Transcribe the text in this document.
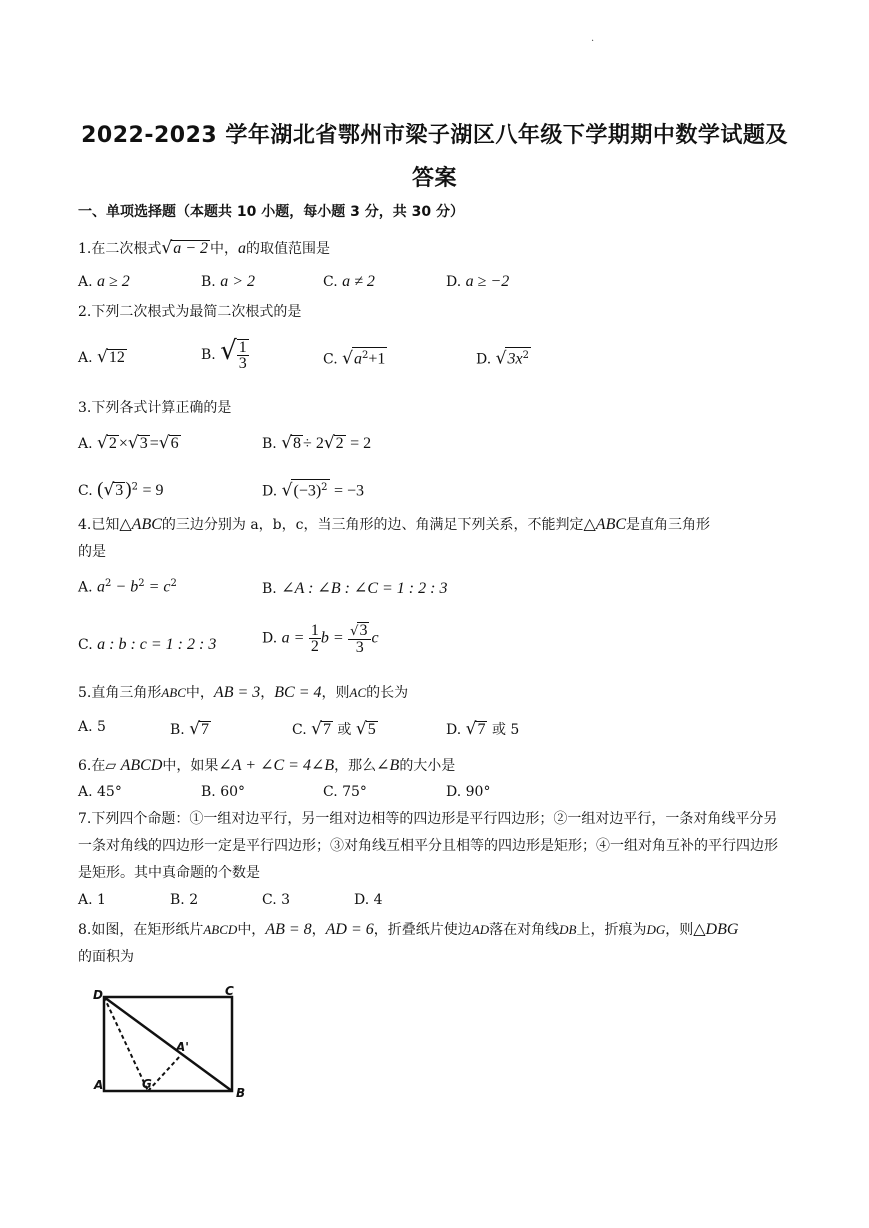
·
2022-2023 学年湖北省鄂州市梁子湖区八年级下学期期中数学试题及
答案
一、单项选择题（本题共 10 小题，每小题 3 分，共 30 分）
1.在二次根式√a − 2 中，a的取值范围是
A. a ≥ 2	B. a > 2	C. a ≠ 2	D. a ≥ −2
2.下列二次根式为最简二次根式的是
A. √12	B. √ $\frac{1}{3}$	C. $√a^2+1$	D. $√3x^2$
3.下列各式计算正确的是
A. √2 ×√3 =√6	B. √8 ÷ 2√2 = 2
C. (√3 )$^2$ = 9	D. $√(-3)^2 = -3$
4.已知△ABC的三边分别为 a，b，c，当三角形的边、角满足下列关系，不能判定△ABC是直角三角形
的是
A. $a^2 - b^2 = c^2$	B. ∠A : ∠B : ∠C = 1 : 2 : 3
C. a : b : c = 1 : 2 : 3	D. $a = \frac{1}{2}$ $b = \frac{√3}{3}$ c
5.直角三角形ABC中，AB = 3，BC = 4，则AC的长为
A. 5	B. √7	C. √7 或 √5	D. √7 或 5
6.在▱ ABCD中，如果∠A + ∠C = 4∠B，那么∠B的大小是
A. 45°	B. 60°	C. 75°	D. 90°
7.下列四个命题：①一组对边平行，另一组对边相等的四边形是平行四边形；②一组对边平行，一条对角线平分另一条对角线的四边形一定是平行四边形；③对角线互相平分且相等的四边形是矩形；④一组对角互补的平行四边形是矩形。其中真命题的个数是
A. 1	B. 2	C. 3	D. 4
8.如图，在矩形纸片ABCD中，AB = 8，AD = 6，折叠纸片使边AD落在对角线DB上，折痕为DG，则△DBG
的面积为
D	C
A'
A	G
B
